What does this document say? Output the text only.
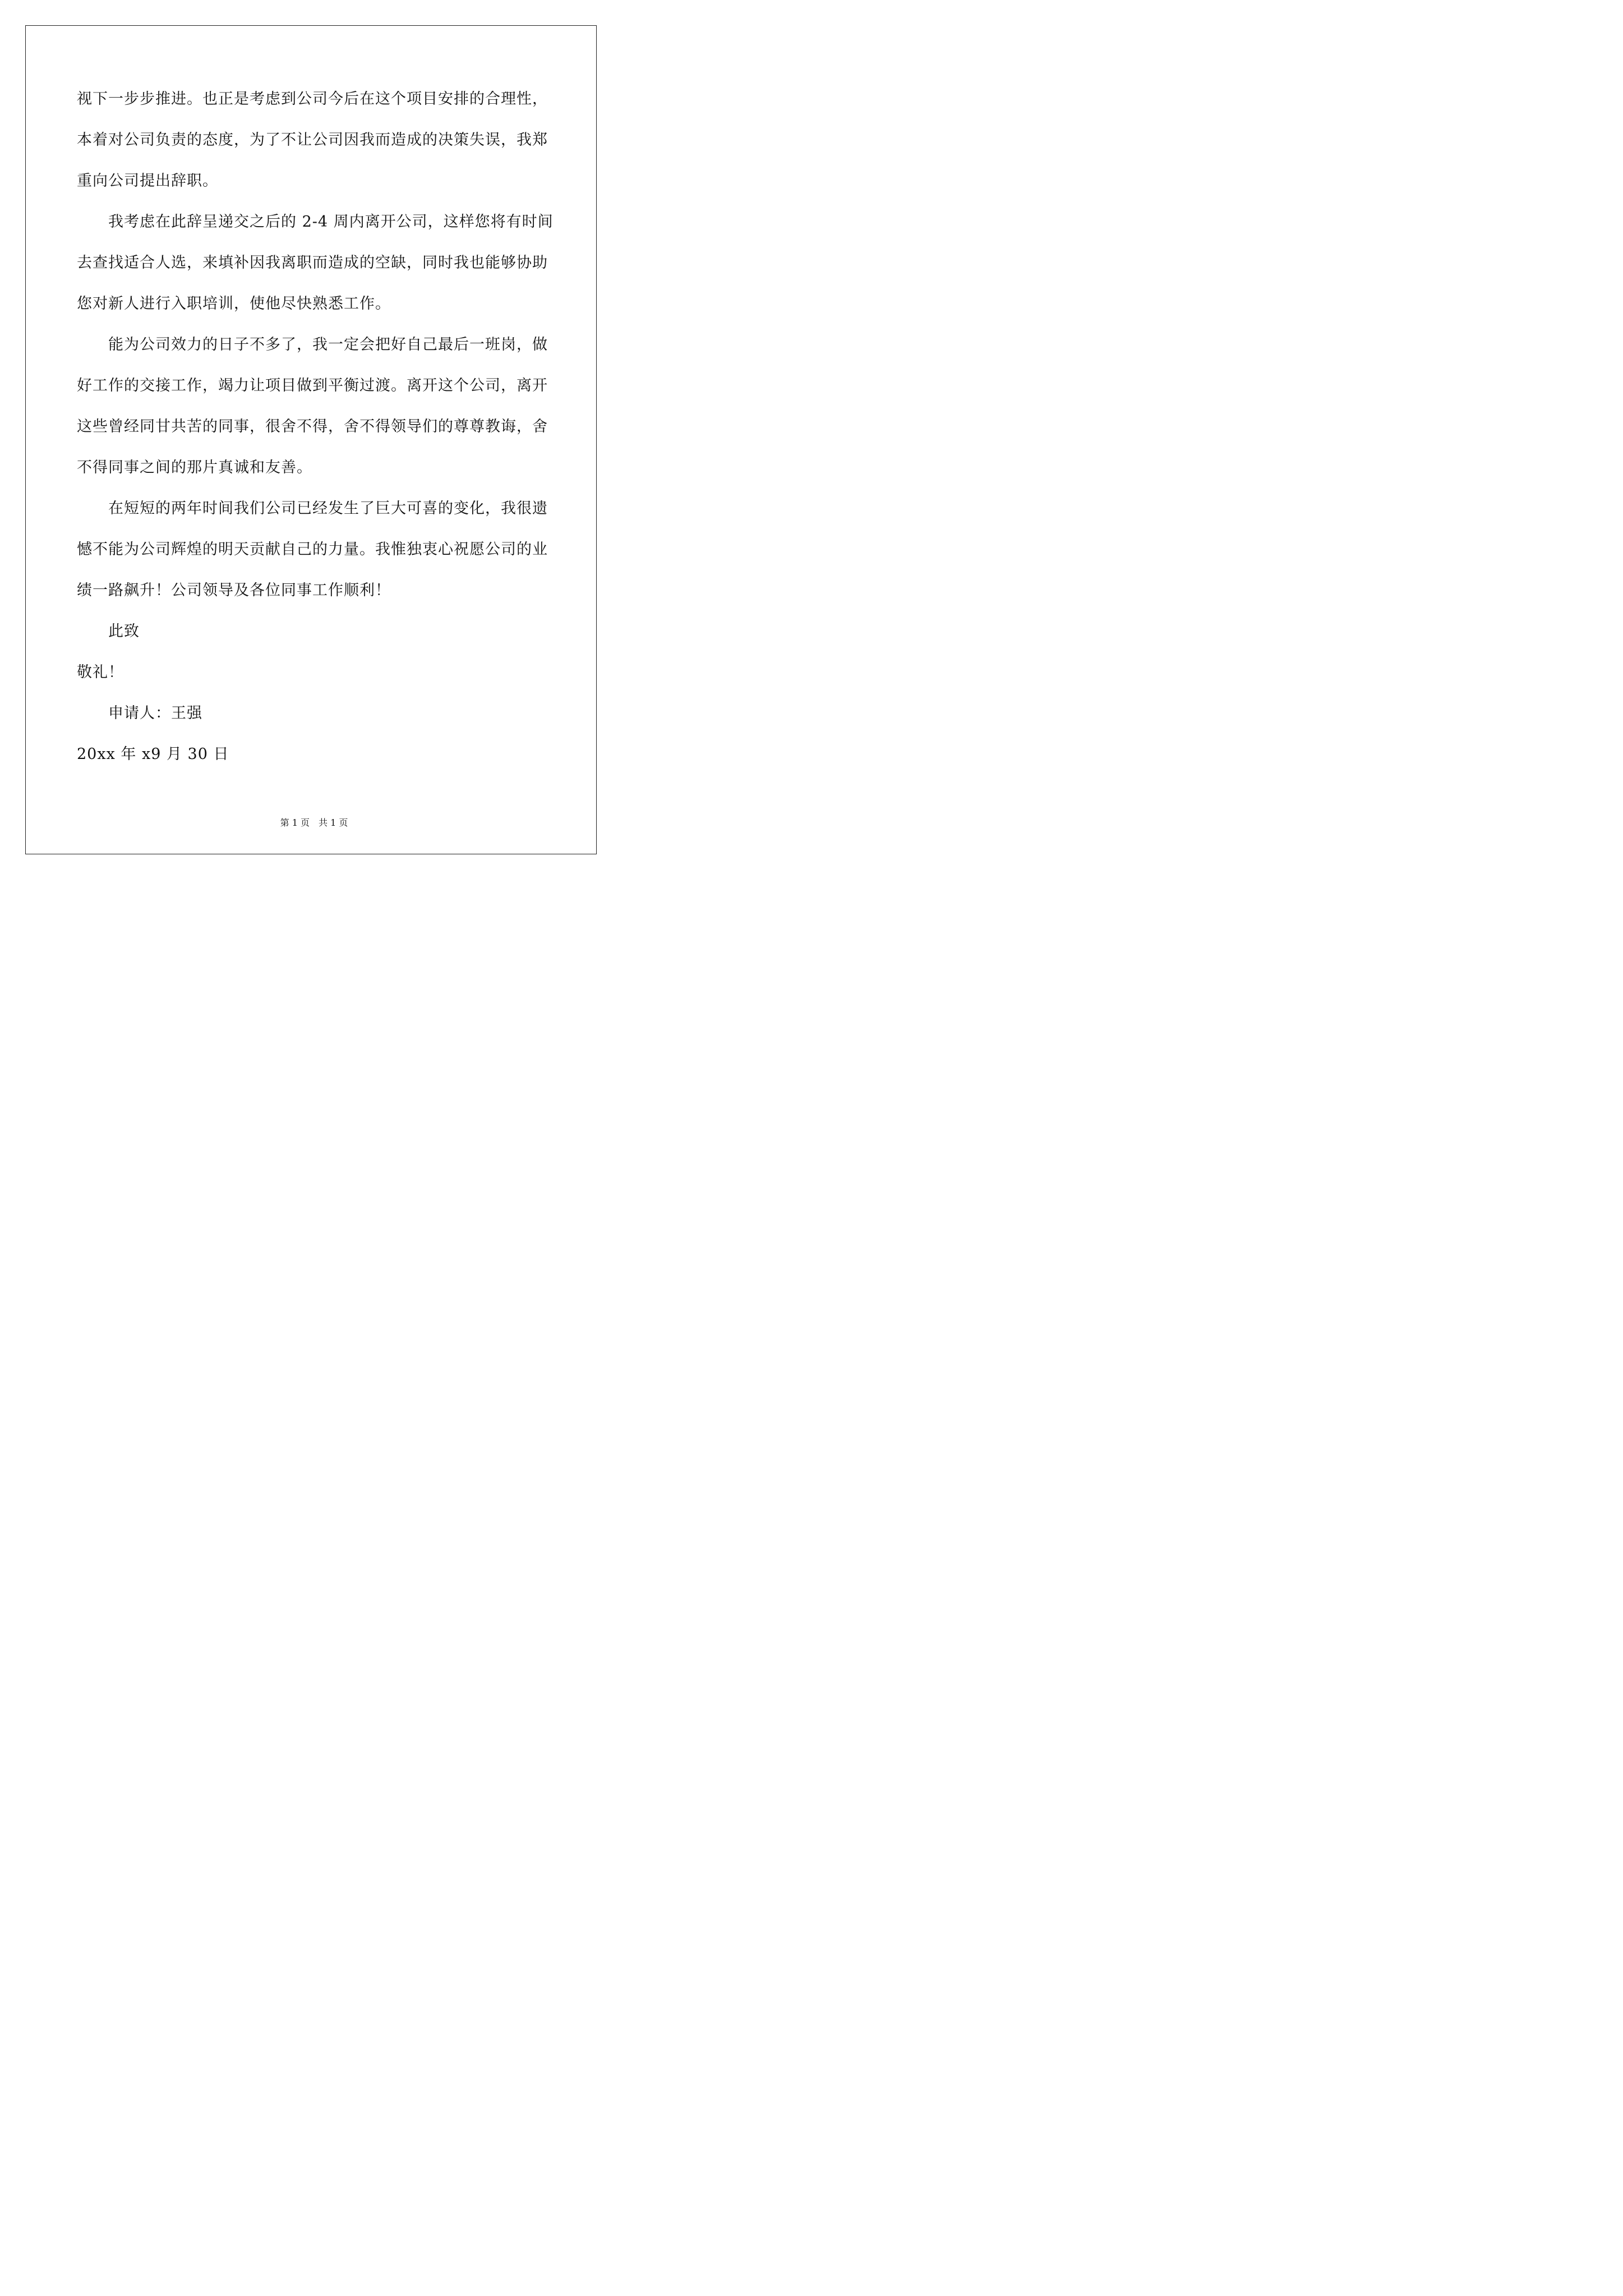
视下一步步推进。也正是考虑到公司今后在这个项目安排的合理性，
本着对公司负责的态度，为了不让公司因我而造成的决策失误，我郑
重向公司提出辞职。

我考虑在此辞呈递交之后的 2-4 周内离开公司，这样您将有时间
去查找适合人选，来填补因我离职而造成的空缺，同时我也能够协助
您对新人进行入职培训，使他尽快熟悉工作。

能为公司效力的日子不多了，我一定会把好自己最后一班岗，做
好工作的交接工作，竭力让项目做到平衡过渡。离开这个公司，离开
这些曾经同甘共苦的同事，很舍不得，舍不得领导们的尊尊教诲，舍
不得同事之间的那片真诚和友善。

在短短的两年时间我们公司已经发生了巨大可喜的变化，我很遗
憾不能为公司辉煌的明天贡献自己的力量。我惟独衷心祝愿公司的业
绩一路飙升！公司领导及各位同事工作顺利！

此致

敬礼！

申请人：王强

20xx 年 x9 月 30 日

第 1 页　共 1 页
